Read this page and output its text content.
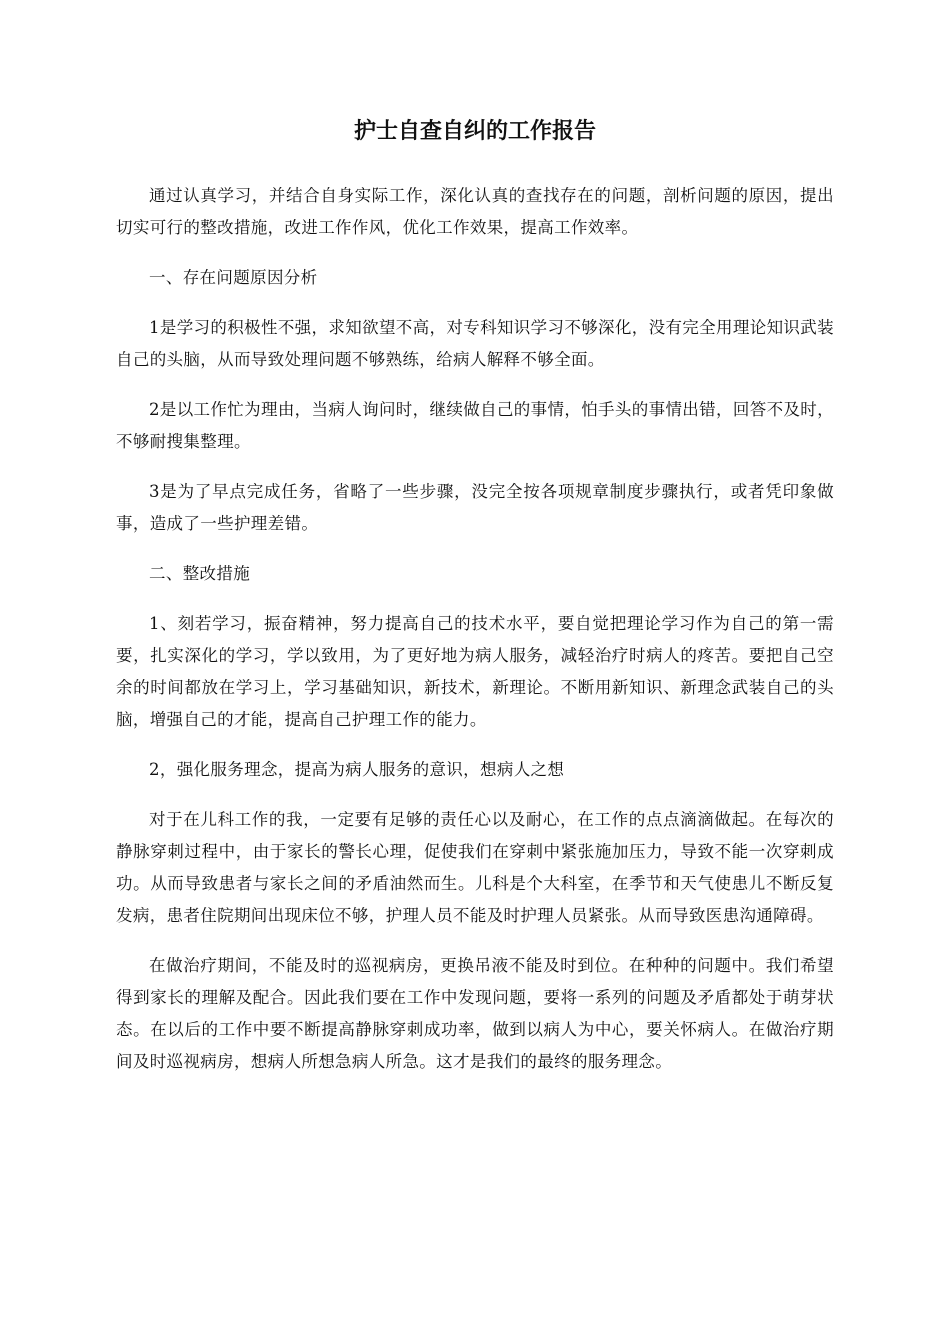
护士自查自纠的工作报告

通过认真学习，并结合自身实际工作，深化认真的查找存在的问题，剖析问题的原因，提出切实可行的整改措施，改进工作作风，优化工作效果，提高工作效率。

一、存在问题原因分析

1是学习的积极性不强，求知欲望不高，对专科知识学习不够深化，没有完全用理论知识武装自己的头脑，从而导致处理问题不够熟练，给病人解释不够全面。

2是以工作忙为理由，当病人询问时，继续做自己的事情，怕手头的事情出错，回答不及时，不够耐搜集整理。

3是为了早点完成任务，省略了一些步骤，没完全按各项规章制度步骤执行，或者凭印象做事，造成了一些护理差错。

二、整改措施

1、刻若学习，振奋精神，努力提高自己的技术水平，要自觉把理论学习作为自己的第一需要，扎实深化的学习，学以致用，为了更好地为病人服务，减轻治疗时病人的疼苦。要把自己空余的时间都放在学习上，学习基础知识，新技术，新理论。不断用新知识、新理念武装自己的头脑，增强自己的才能，提高自己护理工作的能力。

2，强化服务理念，提高为病人服务的意识，想病人之想

对于在儿科工作的我，一定要有足够的责任心以及耐心，在工作的点点滴滴做起。在每次的静脉穿刺过程中，由于家长的警长心理，促使我们在穿刺中紧张施加压力，导致不能一次穿刺成功。从而导致患者与家长之间的矛盾油然而生。儿科是个大科室，在季节和天气使患儿不断反复发病，患者住院期间出现床位不够，护理人员不能及时护理人员紧张。从而导致医患沟通障碍。

在做治疗期间，不能及时的巡视病房，更换吊液不能及时到位。在种种的问题中。我们希望得到家长的理解及配合。因此我们要在工作中发现问题，要将一系列的问题及矛盾都处于萌芽状态。在以后的工作中要不断提高静脉穿刺成功率，做到以病人为中心，要关怀病人。在做治疗期间及时巡视病房，想病人所想急病人所急。这才是我们的最终的服务理念。
